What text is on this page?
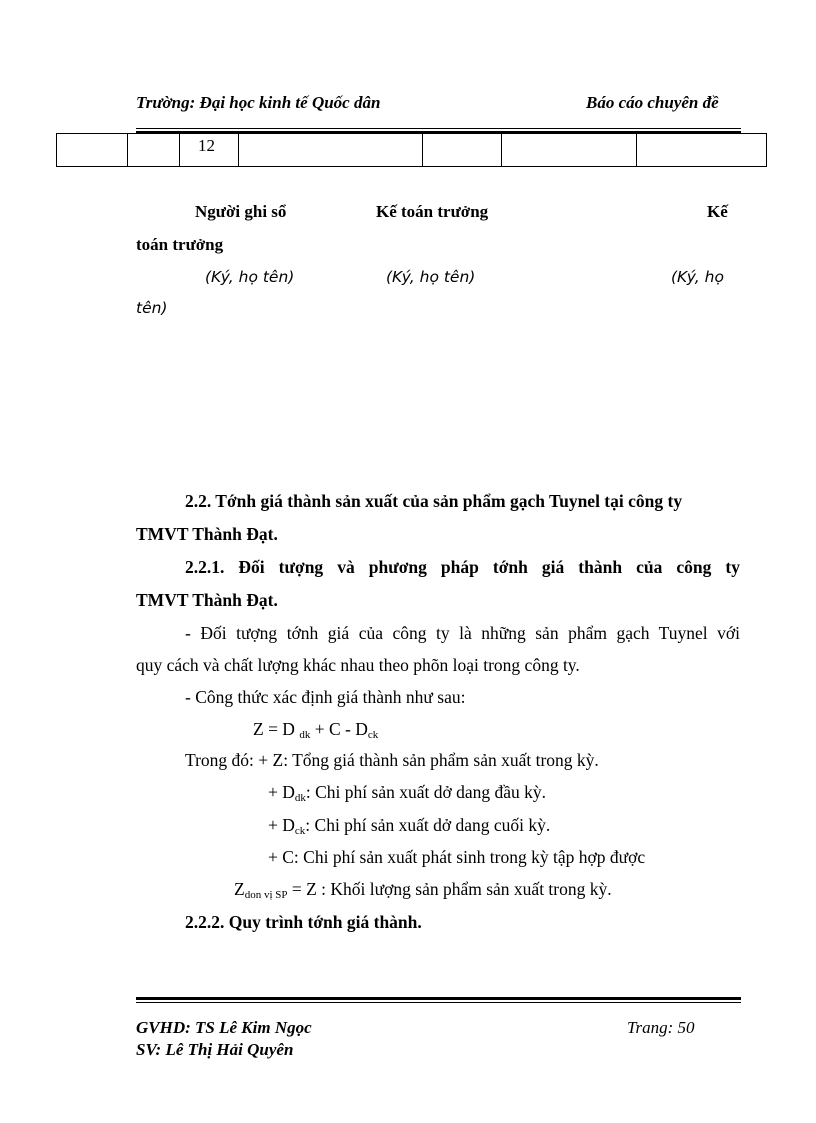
Trường: Đại học kinh tế Quốc dân	Báo cáo chuyên đề
		12				
Người ghi sổ	Kế toán trưởng	Kế
toán trưởng
(Ký, họ tên)	(Ký, họ tên)	(Ký, họ
tên)
2.2. Tớnh giá thành sản xuất của sản phẩm gạch Tuynel tại công ty
TMVT Thành Đạt.
2.2.1. Đối tượng và phương pháp tớnh giá thành của công ty
TMVT Thành Đạt.
- Đối tượng tớnh giá của công ty là những sản phẩm gạch Tuynel với
quy cách và chất lượng khác nhau theo phõn loại trong công ty.
- Công thức xác định giá thành như sau:
Z = D $_{dk} + C - D_{ck}$
Trong đó: + Z: Tổng giá thành sản phẩm sản xuất trong kỳ.
+ $D_{dk}$: Chi phí sản xuất dở dang đầu kỳ.
+ $D_{ck}$: Chi phí sản xuất dở dang cuối kỳ.
+ C: Chi phí sản xuất phát sinh trong kỳ tập hợp được
$Z_{don vị SP} = Z$ : Khối lượng sản phẩm sản xuất trong kỳ.
2.2.2. Quy trình tớnh giá thành.
GVHD: TS Lê Kim Ngọc
SV: Lê Thị Hải Quyên
Trang: 50
